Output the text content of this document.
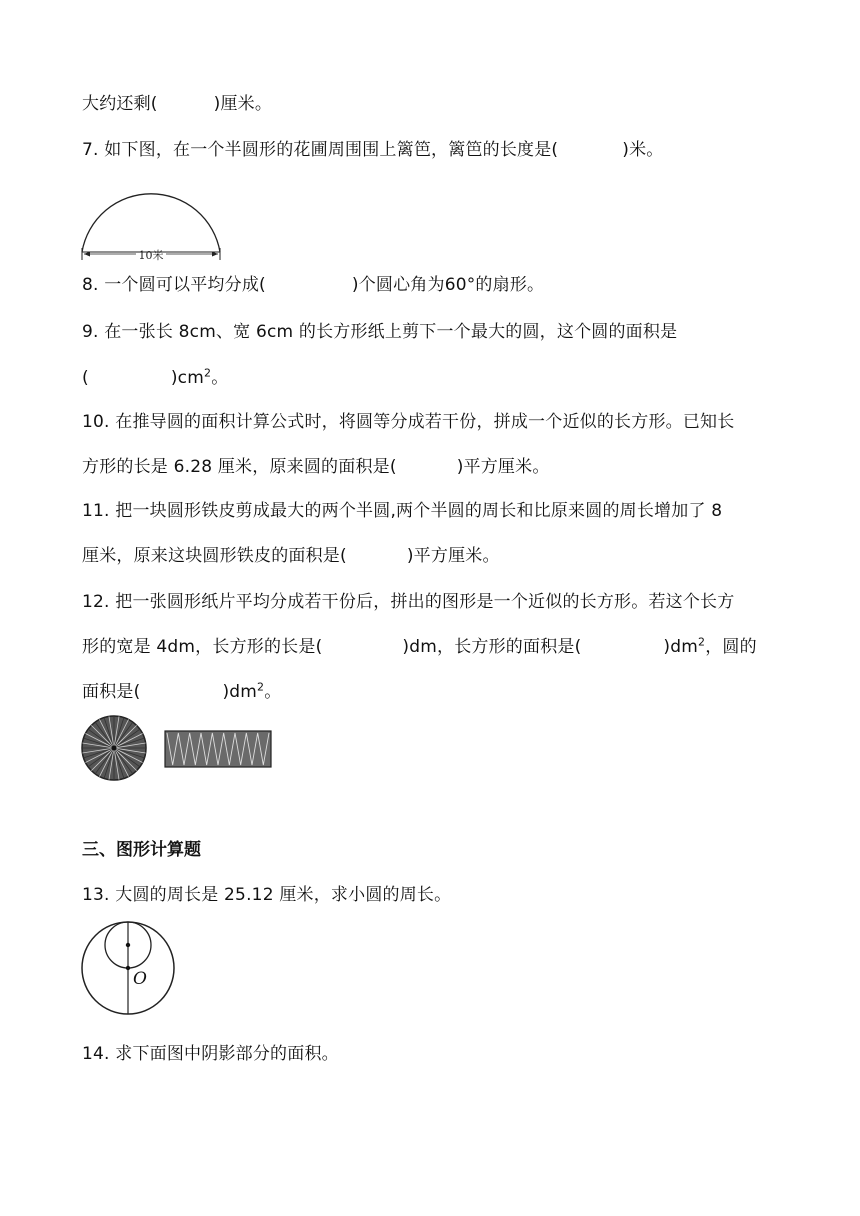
大约还剩(	)厘米。
7. 如下图，在一个半圆形的花圃周围围上篱笆，篱笆的长度是(	)米。
10米
8. 一个圆可以平均分成(	)个圆心角为60°的扇形。
9. 在一张长 8cm、宽 6cm 的长方形纸上剪下一个最大的圆，这个圆的面积是
(	)$cm^2$。
10. 在推导圆的面积计算公式时，将圆等分成若干份，拼成一个近似的长方形。已知长
方形的长是 6.28 厘米，原来圆的面积是(	)平方厘米。
11. 把一块圆形铁皮剪成最大的两个半圆,两个半圆的周长和比原来圆的周长增加了 8
厘米，原来这块圆形铁皮的面积是(	)平方厘米。
12. 把一张圆形纸片平均分成若干份后，拼出的图形是一个近似的长方形。若这个长方
形的宽是 4dm，长方形的长是(	)dm，长方形的面积是(	)$dm^2$，圆的
面积是(	)$dm^2$。
三、图形计算题
13. 大圆的周长是 25.12 厘米，求小圆的周长。
O
14. 求下面图中阴影部分的面积。
